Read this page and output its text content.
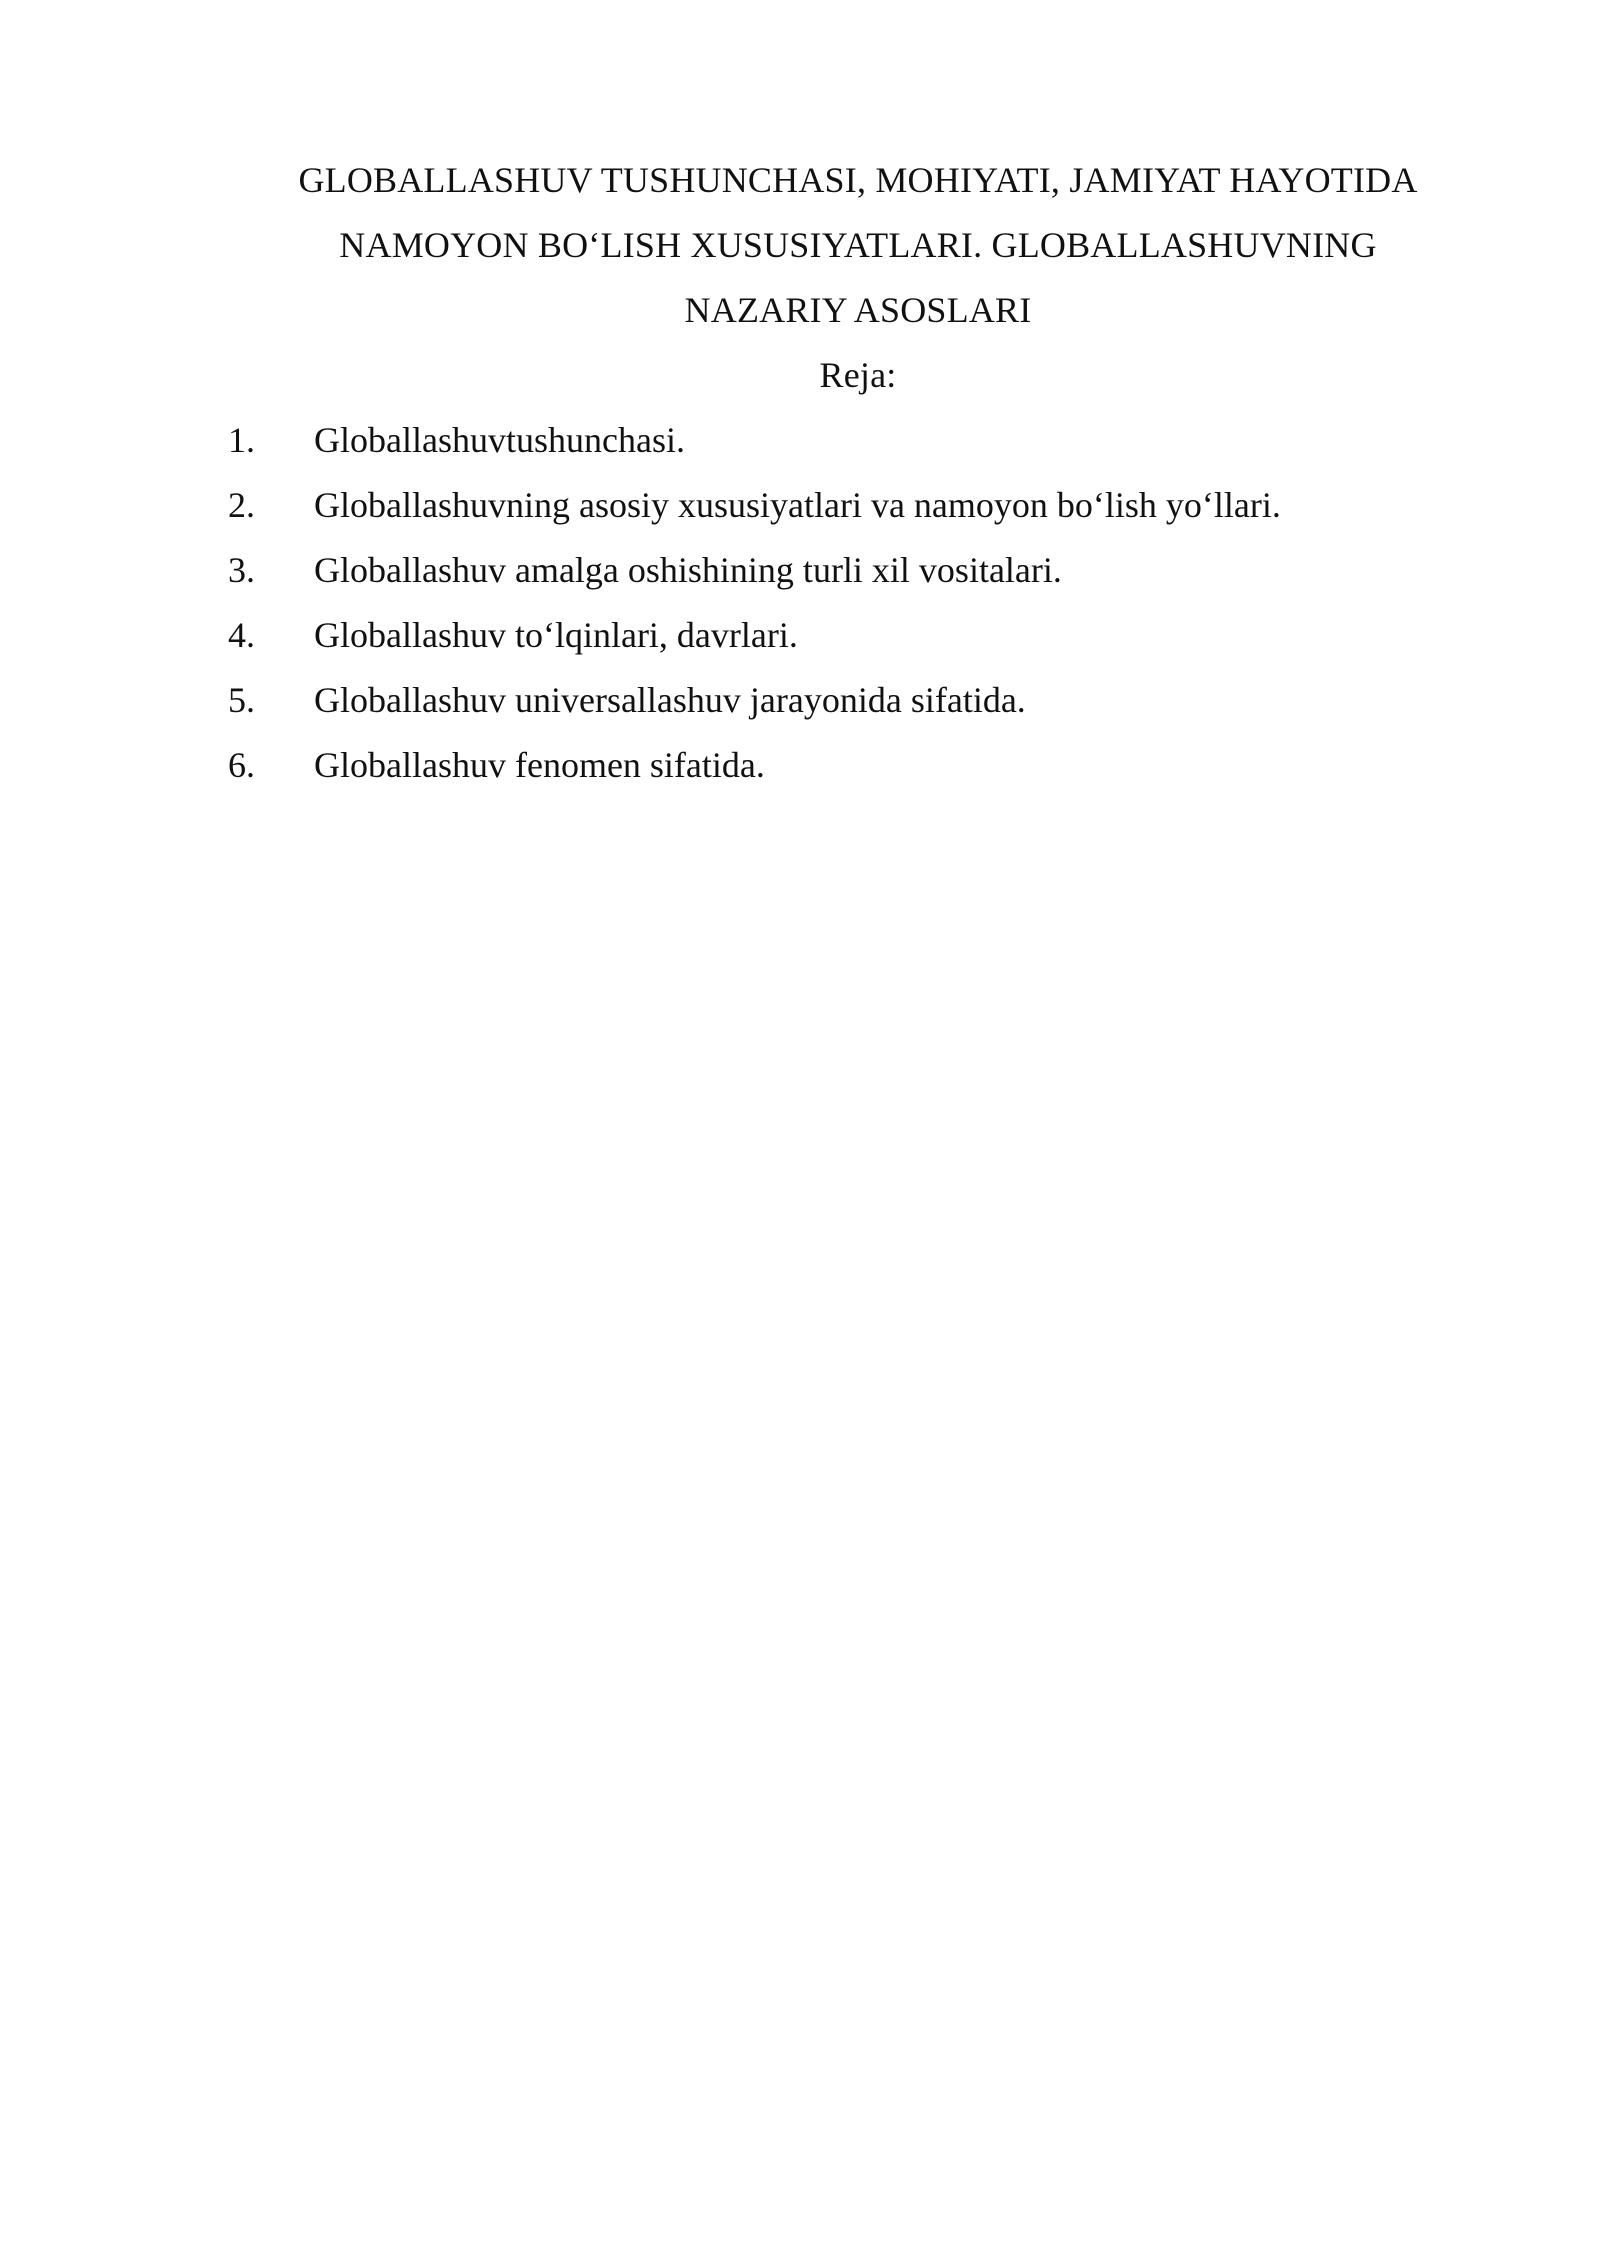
GLOBALLASHUV TUSHUNCHASI, MOHIYATI, JAMIYAT HAYOTIDA
NAMOYON BO‘LISH XUSUSIYATLARI. GLOBALLASHUVNING
NAZARIY ASOSLARI
Reja:
1.	Globallashuvtushunchasi.
2.	Globallashuvning asosiy xususiyatlari va namoyon bo‘lish yo‘llari.
3.	Globallashuv amalga oshishining turli xil vositalari.
4.	Globallashuv to‘lqinlari, davrlari.
5.	Globallashuv universallashuv jarayonida sifatida.
6.	Globallashuv fenomen sifatida.
